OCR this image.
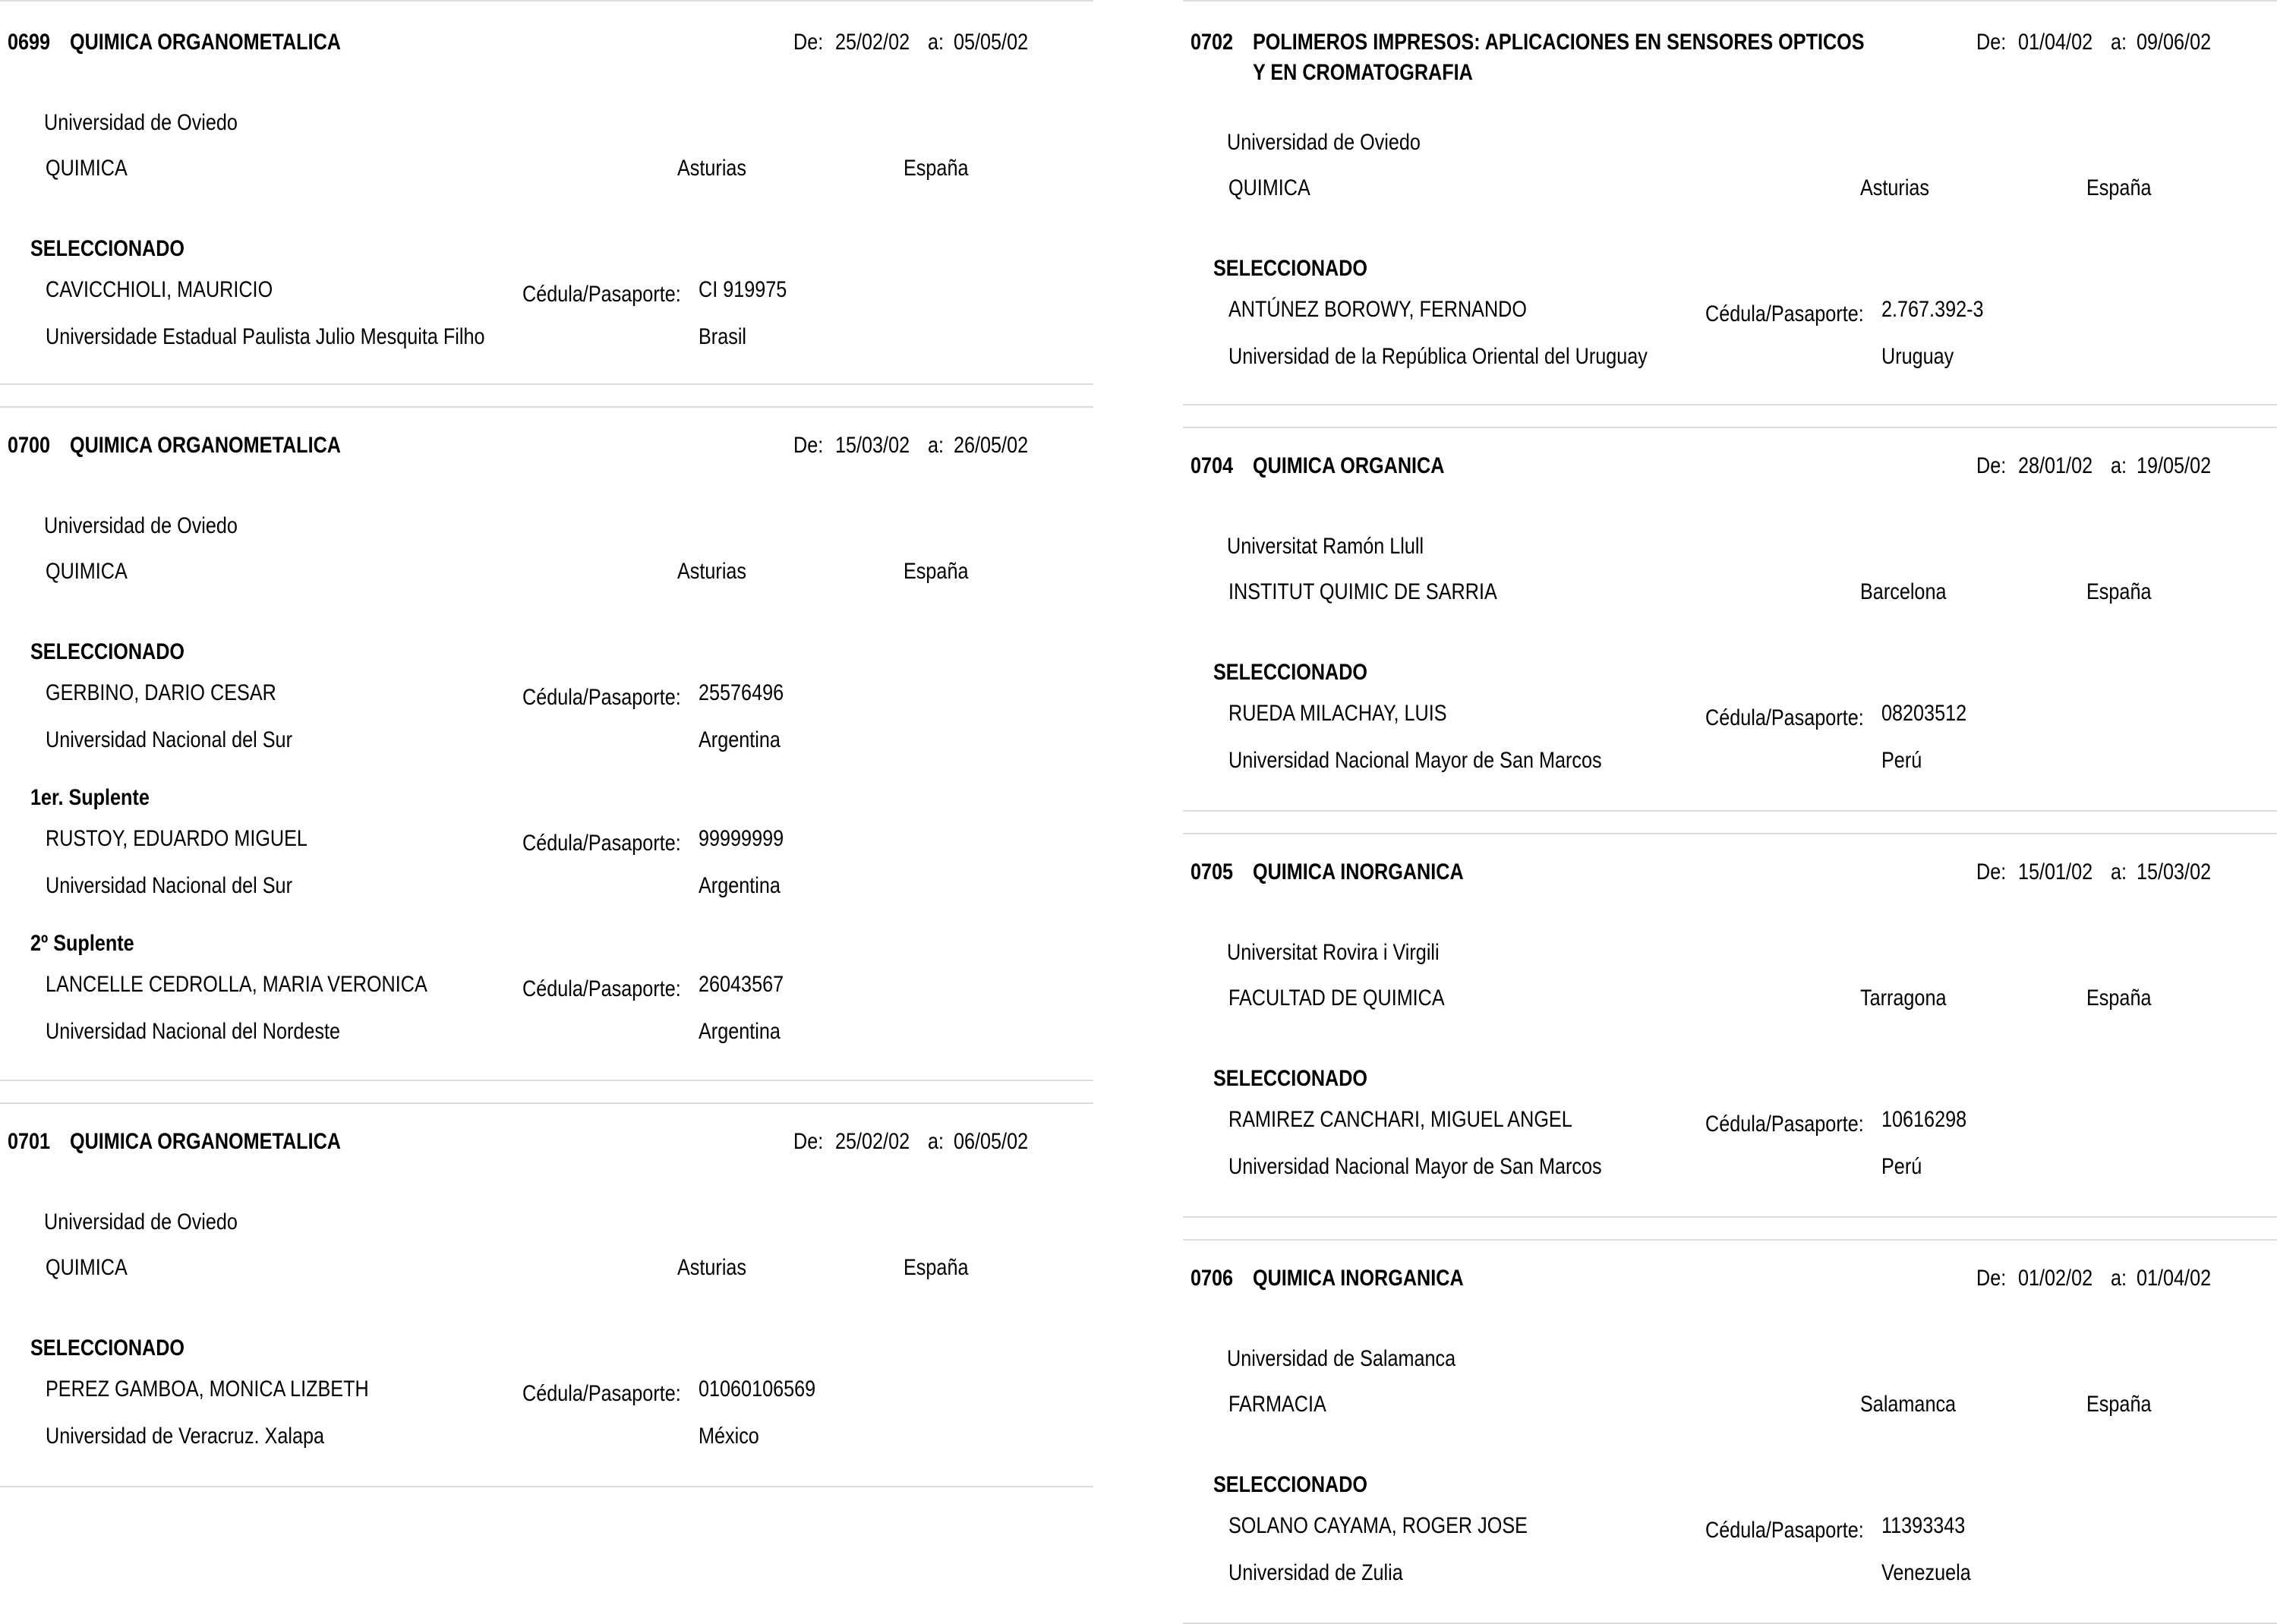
0699 QUIMICA ORGANOMETALICA	De: 25/02/02 a: 05/05/02
Universidad de Oviedo
QUIMICA	Asturias	España
SELECCIONADO
CAVICCHIOLI, MAURICIO	Cédula/Pasaporte: CI 919975
Universidade Estadual Paulista Julio Mesquita Filho	Brasil
0700 QUIMICA ORGANOMETALICA	De: 15/03/02 a: 26/05/02
Universidad de Oviedo
QUIMICA	Asturias	España
SELECCIONADO
GERBINO, DARIO CESAR	Cédula/Pasaporte: 25576496
Universidad Nacional del Sur	Argentina
1er. Suplente
RUSTOY, EDUARDO MIGUEL	Cédula/Pasaporte: 99999999
Universidad Nacional del Sur	Argentina
2º Suplente
LANCELLE CEDROLLA, MARIA VERONICA	Cédula/Pasaporte: 26043567
Universidad Nacional del Nordeste	Argentina
0701 QUIMICA ORGANOMETALICA	De: 25/02/02 a: 06/05/02
Universidad de Oviedo
QUIMICA	Asturias	España
SELECCIONADO
PEREZ GAMBOA, MONICA LIZBETH	Cédula/Pasaporte: 01060106569
Universidad de Veracruz. Xalapa	México
0702 POLIMEROS IMPRESOS: APLICACIONES EN SENSORES OPTICOS Y EN CROMATOGRAFIA
De: 01/04/02 a: 09/06/02
Universidad de Oviedo
QUIMICA	Asturias	España
SELECCIONADO
ANTÚNEZ BOROWY, FERNANDO	Cédula/Pasaporte: 2.767.392-3
Universidad de la República Oriental del Uruguay	Uruguay
0704 QUIMICA ORGANICA	De: 28/01/02 a: 19/05/02
Universitat Ramón Llull
INSTITUT QUIMIC DE SARRIA	Barcelona	España
SELECCIONADO
RUEDA MILACHAY, LUIS	Cédula/Pasaporte: 08203512
Universidad Nacional Mayor de San Marcos	Perú
0705 QUIMICA INORGANICA	De: 15/01/02 a: 15/03/02
Universitat Rovira i Virgili
FACULTAD DE QUIMICA	Tarragona	España
SELECCIONADO
RAMIREZ CANCHARI, MIGUEL ANGEL	Cédula/Pasaporte: 10616298
Universidad Nacional Mayor de San Marcos	Perú
0706 QUIMICA INORGANICA	De: 01/02/02 a: 01/04/02
Universidad de Salamanca
FARMACIA	Salamanca	España
SELECCIONADO
SOLANO CAYAMA, ROGER JOSE	Cédula/Pasaporte: 11393343
Universidad de Zulia	Venezuela
